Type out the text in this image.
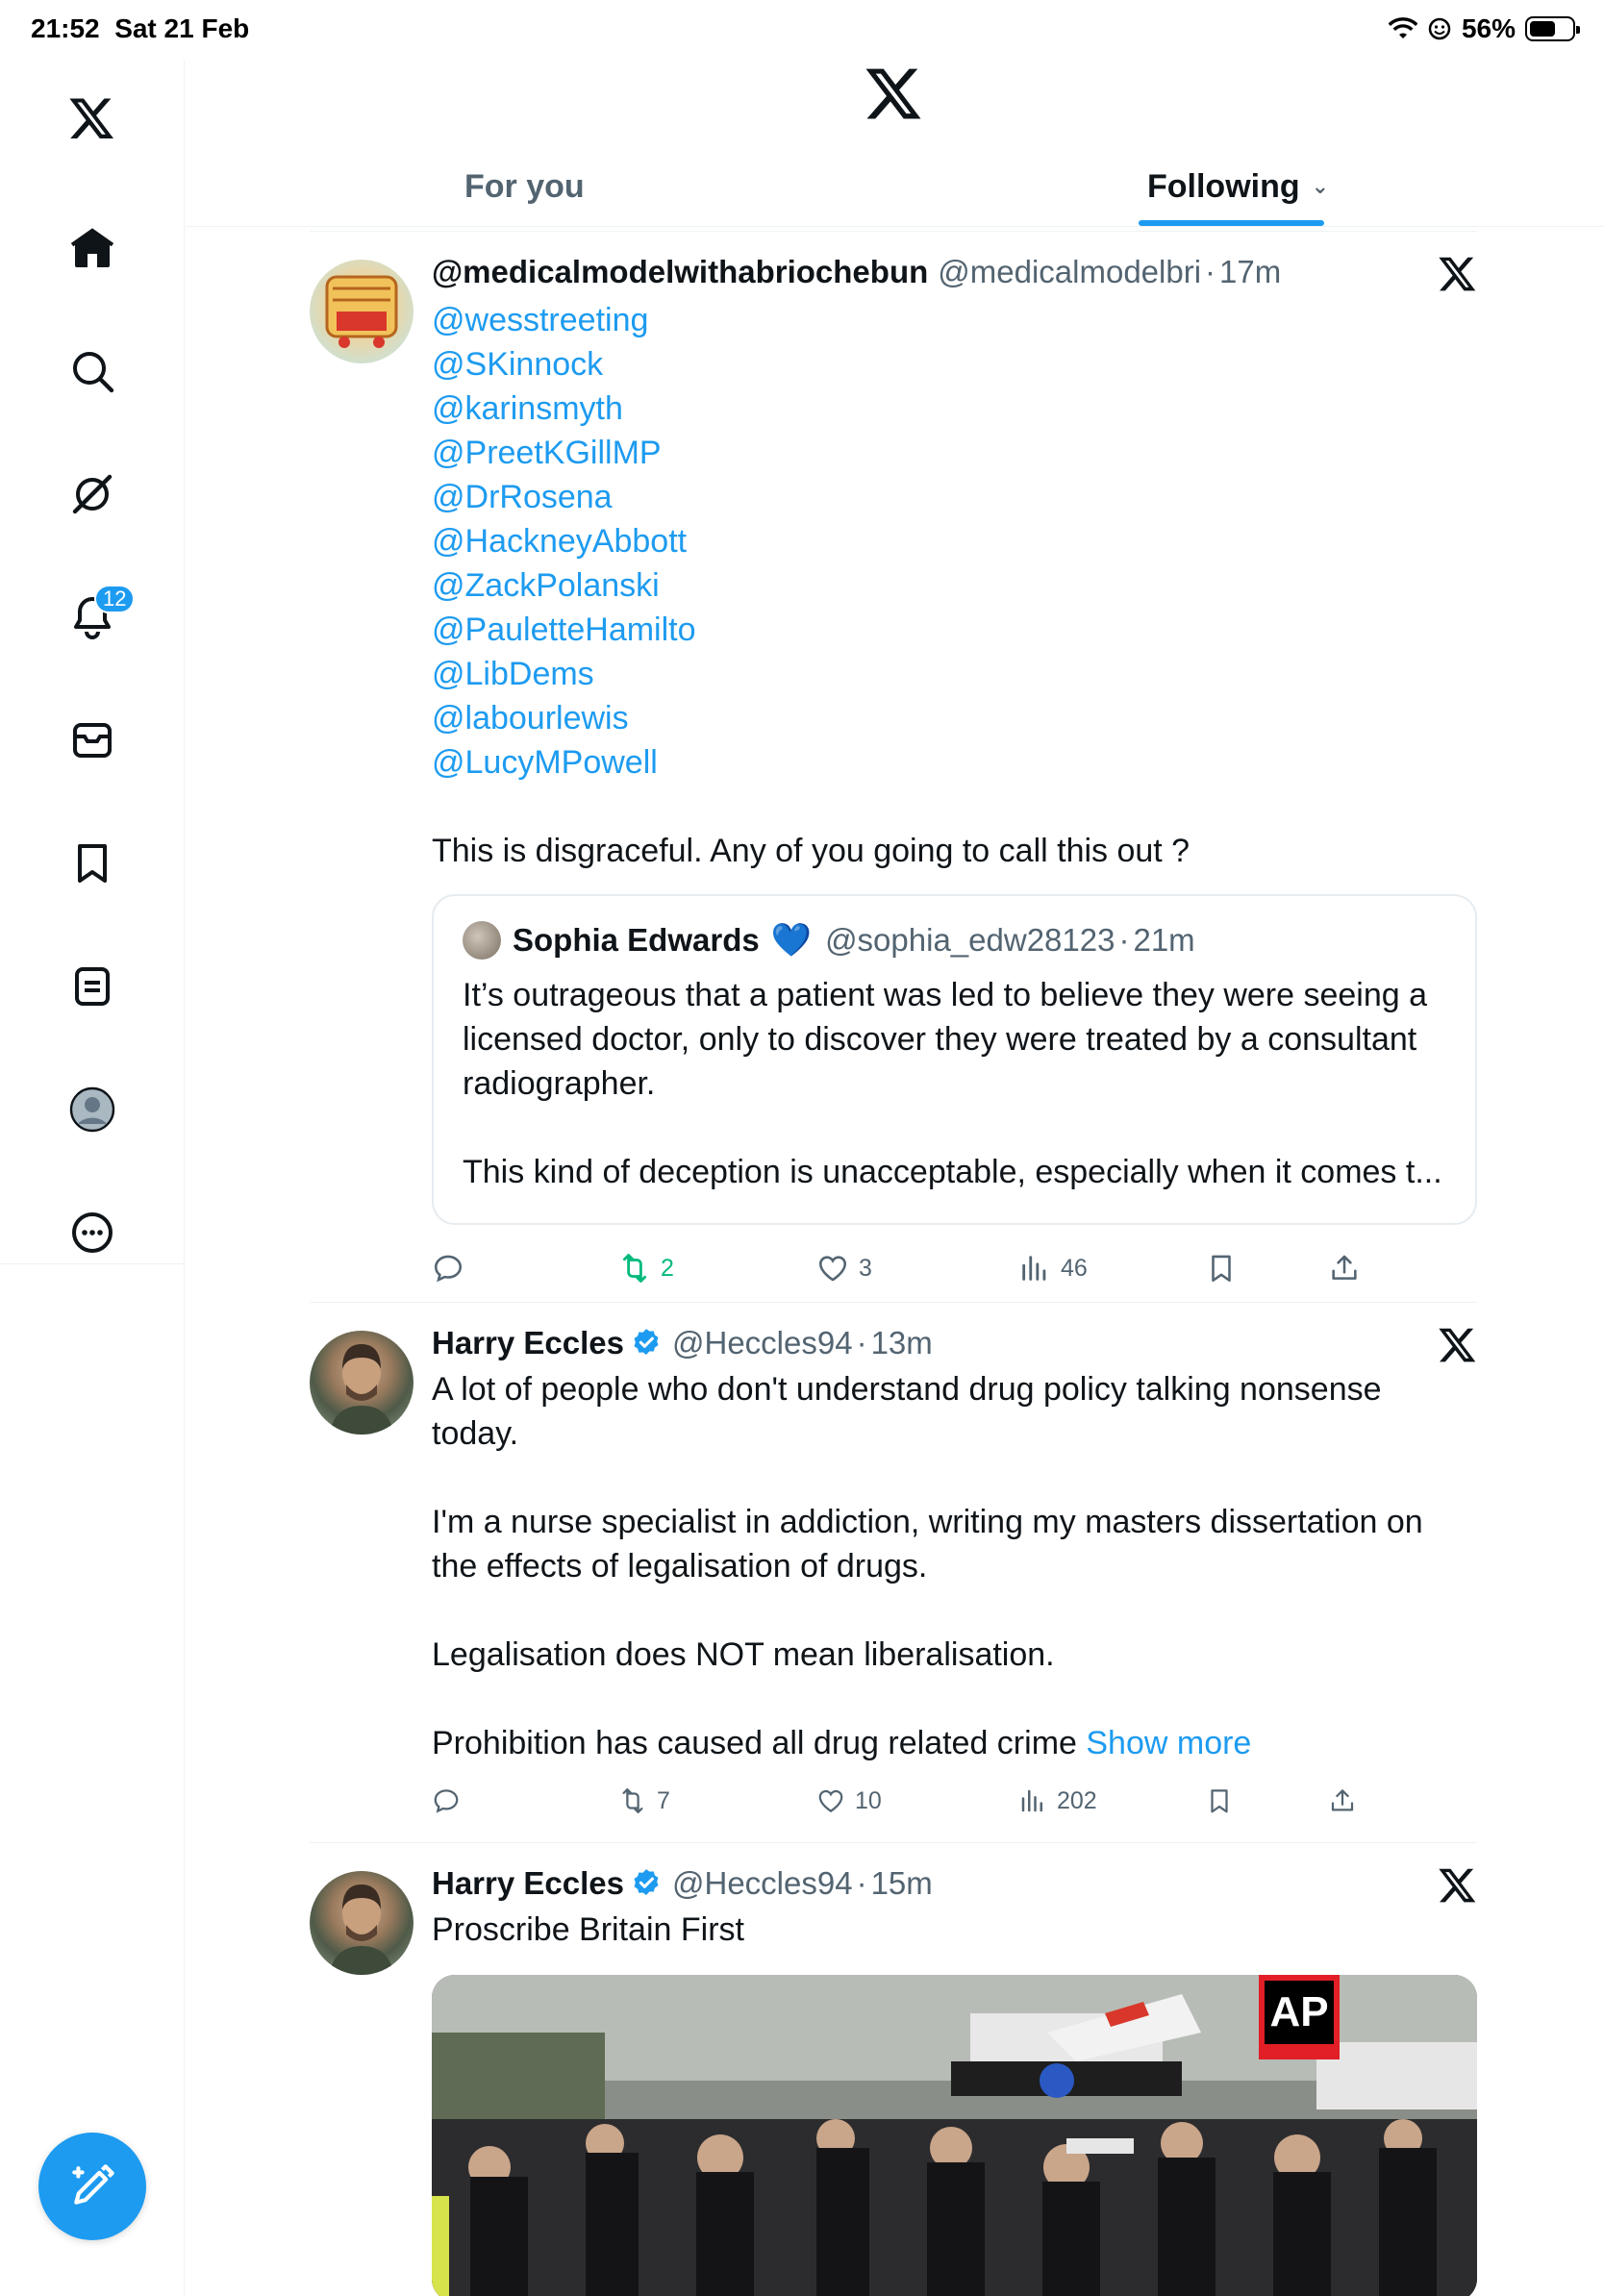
21:52 Sat 21 Feb	56%
12
For you	Following ⌄
@medicalmodelwithabriochebun @medicalmodelbri · 17m
@wesstreeting
@SKinnock
@karinsmyth
@PreetKGillMP
@DrRosena
@HackneyAbbott
@ZackPolanski
@PauletteHamilto
@LibDems
@labourlewis
@LucyMPowell
This is disgraceful. Any of you going to call this out ?
Sophia Edwards 💙 @sophia_edw28123 · 21m

It’s outrageous that a patient was led to believe they were seeing a licensed doctor, only to discover they were treated by a consultant radiographer.

This kind of deception is unacceptable, especially when it comes t...

2	3	46
Harry Eccles @Heccles94 · 13m

A lot of people who don't understand drug policy talking nonsense today.

I'm a nurse specialist in addiction, writing my masters dissertation on the effects of legalisation of drugs.

Legalisation does NOT mean liberalisation.

Prohibition has caused all drug related crime Show more

7	10	202
Harry Eccles @Heccles94 · 15m
Proscribe Britain First
AP
